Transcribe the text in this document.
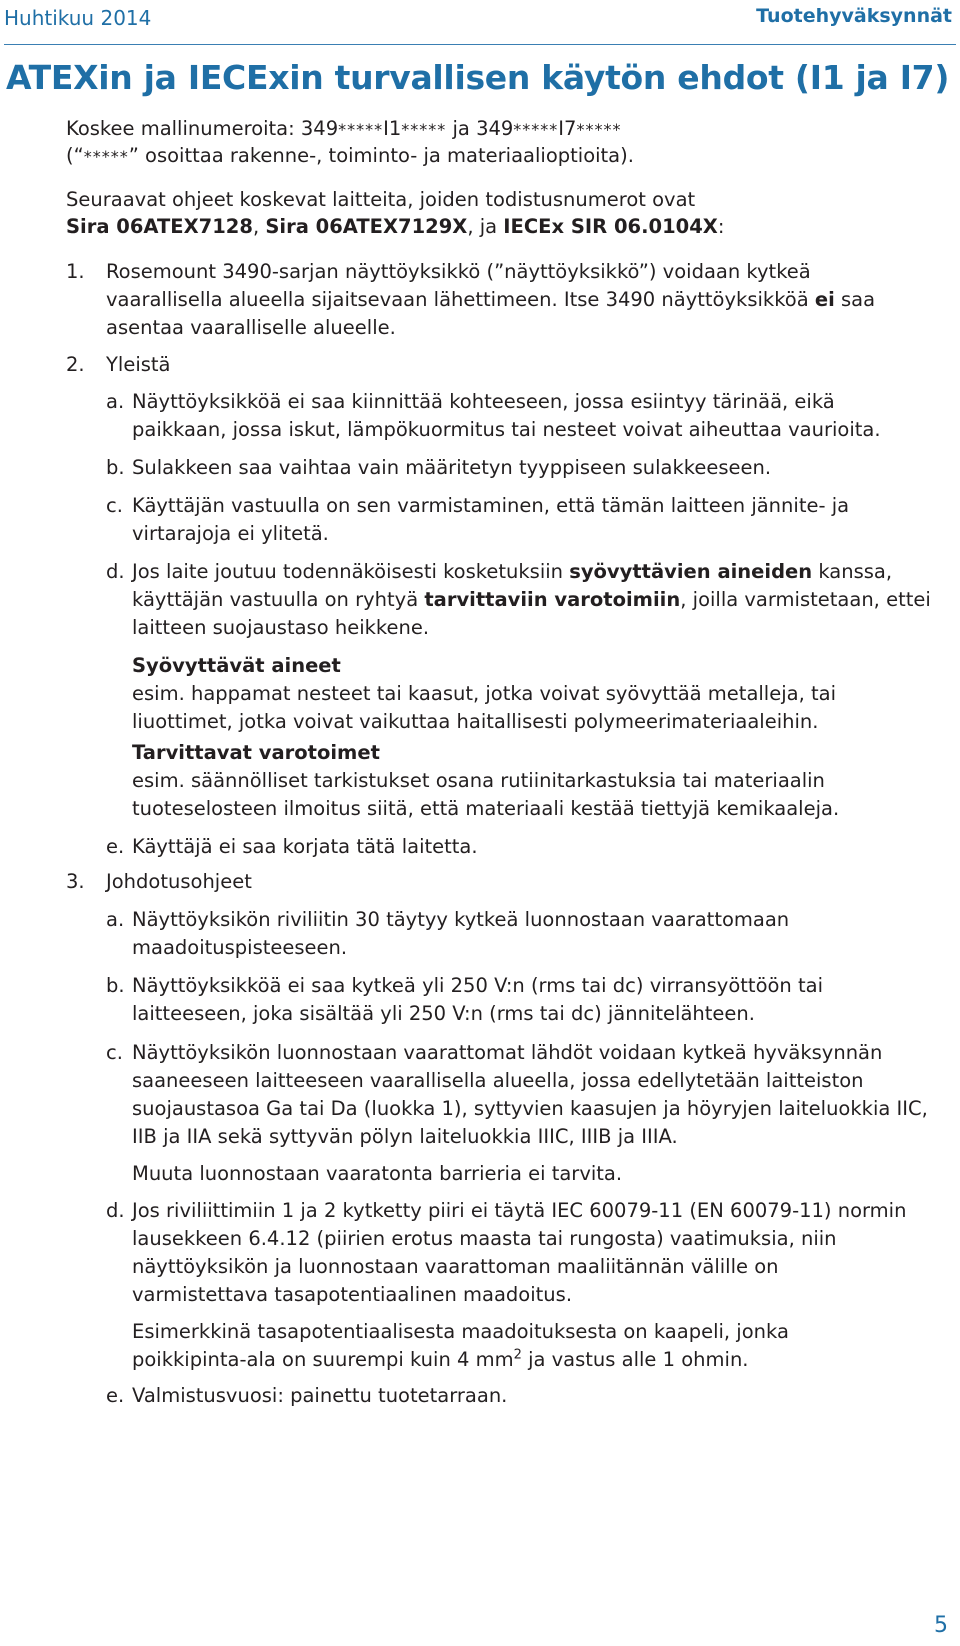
Huhtikuu 2014	Tuotehyväksynnät
ATEXin ja IECExin turvallisen käytön ehdot (I1 ja I7)
Koskee mallinumeroita: 349*****I1***** ja 349*****I7*****
(“*****” osoittaa rakenne-, toiminto- ja materiaalioptioita).
Seuraavat ohjeet koskevat laitteita, joiden todistusnumerot ovat
Sira 06ATEX7128, Sira 06ATEX7129X, ja IECEx SIR 06.0104X:
1. Rosemount 3490-sarjan näyttöyksikkö (”näyttöyksikkö”) voidaan kytkeä
vaarallisella alueella sijaitsevaan lähettimeen. Itse 3490 näyttöyksikköä ei saa
asentaa vaaralliselle alueelle.
2. Yleistä
a. Näyttöyksikköä ei saa kiinnittää kohteeseen, jossa esiintyy tärinää, eikä
paikkaan, jossa iskut, lämpökuormitus tai nesteet voivat aiheuttaa vaurioita.
b. Sulakkeen saa vaihtaa vain määritetyn tyyppiseen sulakkeeseen.
c. Käyttäjän vastuulla on sen varmistaminen, että tämän laitteen jännite- ja
virtarajoja ei ylitetä.
d. Jos laite joutuu todennäköisesti kosketuksiin syövyttävien aineiden kanssa,
käyttäjän vastuulla on ryhtyä tarvittaviin varotoimiin, joilla varmistetaan, ettei
laitteen suojaustaso heikkene.
Syövyttävät aineet
esim. happamat nesteet tai kaasut, jotka voivat syövyttää metalleja, tai
liuottimet, jotka voivat vaikuttaa haitallisesti polymeerimateriaaleihin.
Tarvittavat varotoimet
esim. säännölliset tarkistukset osana rutiinitarkastuksia tai materiaalin
tuoteselosteen ilmoitus siitä, että materiaali kestää tiettyjä kemikaaleja.
e. Käyttäjä ei saa korjata tätä laitetta.
3. Johdotusohjeet
a. Näyttöyksikön riviliitin 30 täytyy kytkeä luonnostaan vaarattomaan
maadoituspisteeseen.
b. Näyttöyksikköä ei saa kytkeä yli 250 V:n (rms tai dc) virransyöttöön tai
laitteeseen, joka sisältää yli 250 V:n (rms tai dc) jännitelähteen.
c. Näyttöyksikön luonnostaan vaarattomat lähdöt voidaan kytkeä hyväksynnän
saaneeseen laitteeseen vaarallisella alueella, jossa edellytetään laitteiston
suojaustasoa Ga tai Da (luokka 1), syttyvien kaasujen ja höyryjen laiteluokkia IIC,
IIB ja IIA sekä syttyvän pölyn laiteluokkia IIIC, IIIB ja IIIA.
Muuta luonnostaan vaaratonta barrieria ei tarvita.
d. Jos riviliittimiin 1 ja 2 kytketty piiri ei täytä IEC 60079-11 (EN 60079-11) normin
lausekkeen 6.4.12 (piirien erotus maasta tai rungosta) vaatimuksia, niin
näyttöyksikön ja luonnostaan vaarattoman maaliitännän välille on
varmistettava tasapotentiaalinen maadoitus.
Esimerkkinä tasapotentiaalisesta maadoituksesta on kaapeli, jonka
poikkipinta-ala on suurempi kuin 4 $mm^2$ ja vastus alle 1 ohmin.
e. Valmistusvuosi: painettu tuotetarraan.
5
